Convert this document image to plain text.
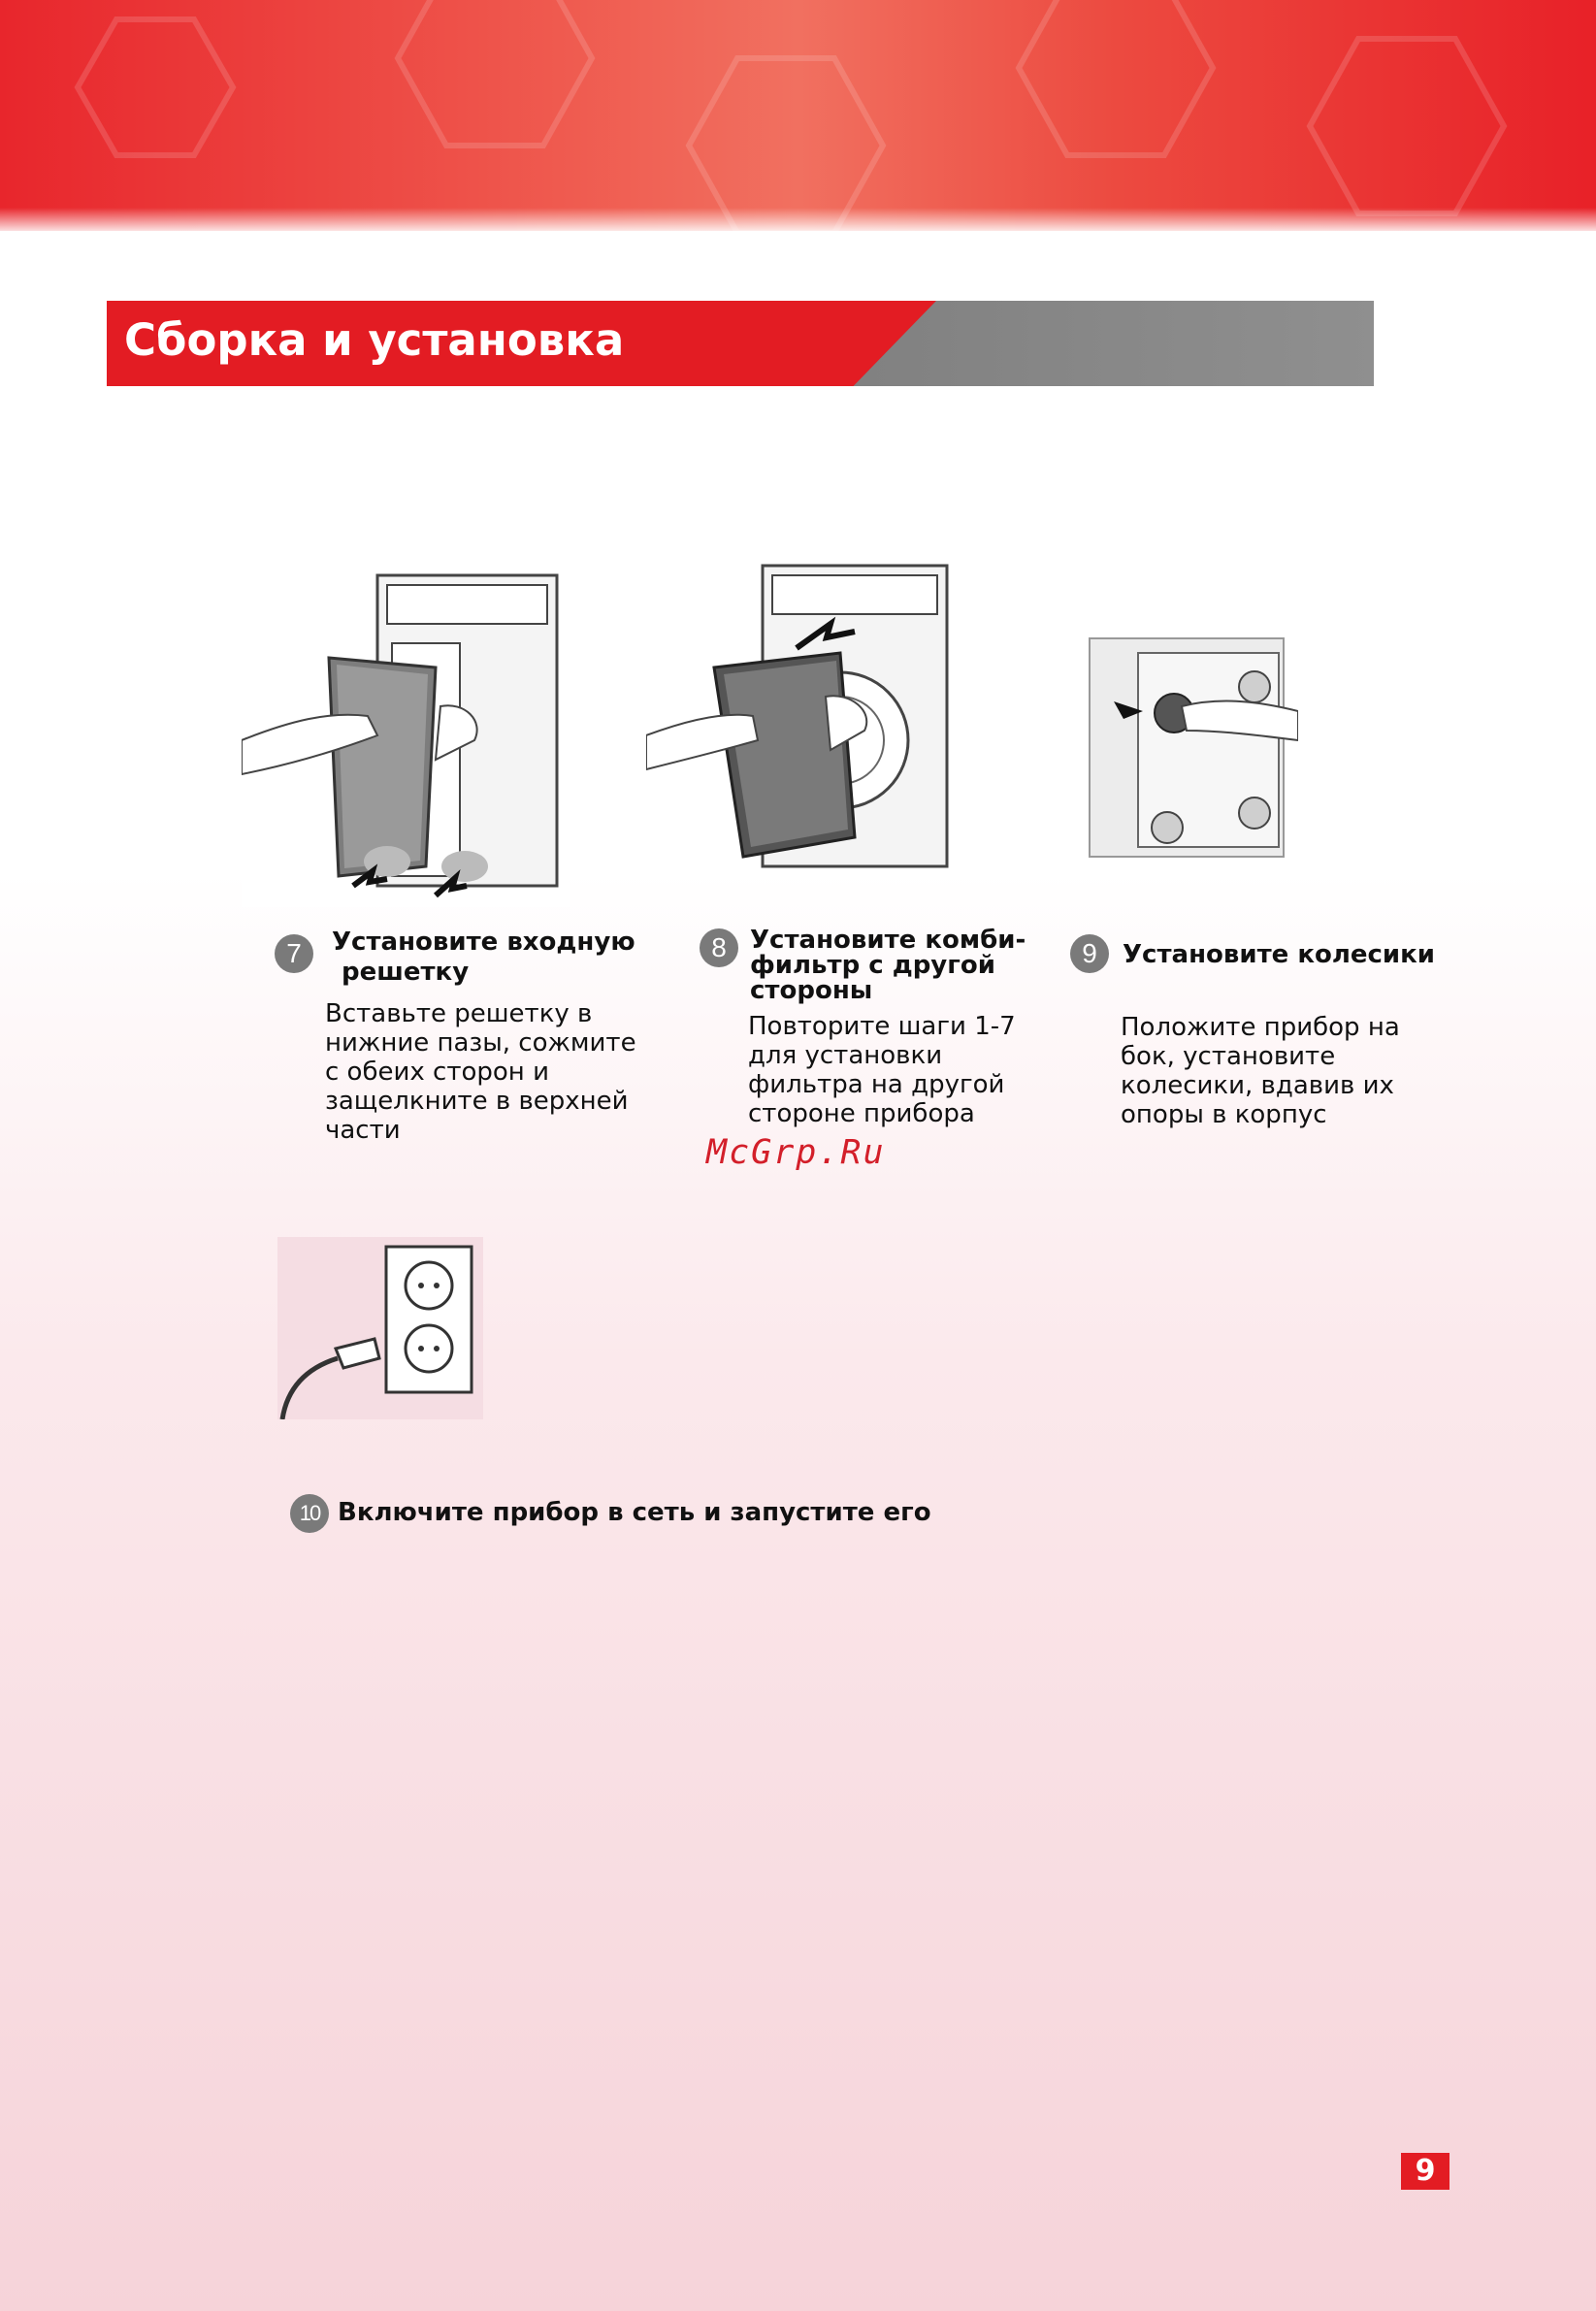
Сборка и установка
7	Установите входную

решетку

Вставьте решетку в

нижние пазы, сожмите

с обеих сторон и

защелкните в верхней

части

8 Установите комби-

фильтр с другой

стороны

Повторите шаги 1-7

для установки

фильтра на другой

стороне прибора

9	Установите колесики

Положите прибор на

бок, установите

колесики, вдавив их

опоры в корпус

McGrp.Ru
10 Включите прибор в сеть и запустите его

9
